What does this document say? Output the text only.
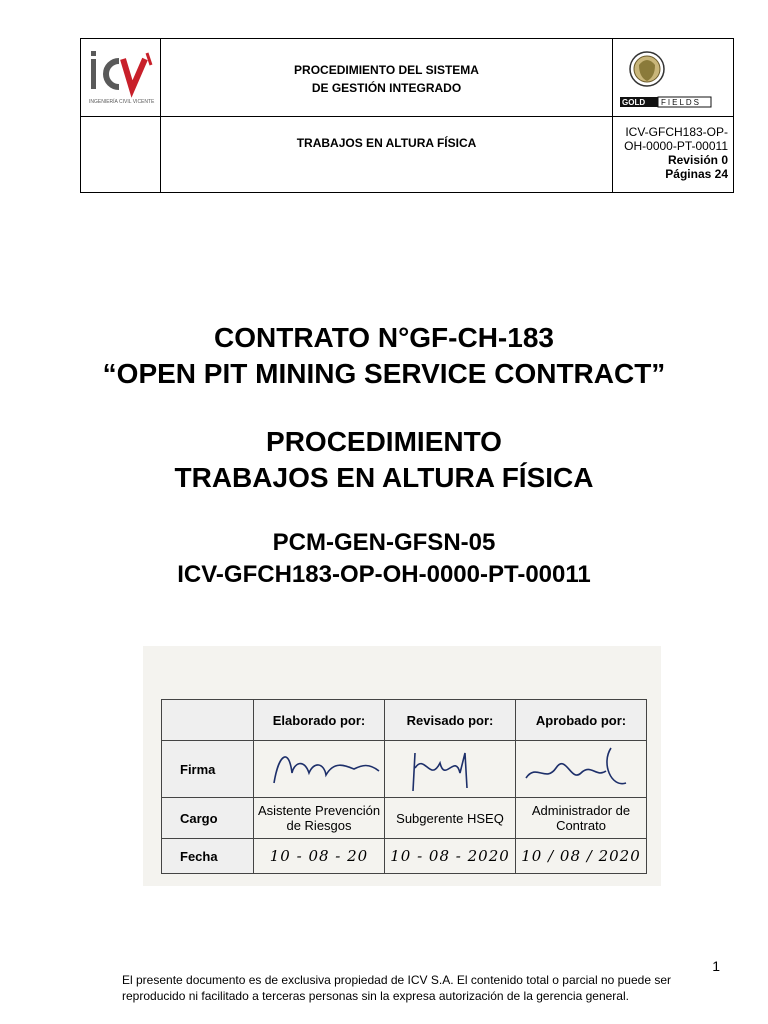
INGENIERÍA CIVIL VICENTE
PROCEDIMIENTO DEL SISTEMA
DE GESTIÓN INTEGRADO
GOLD FIELDS
TRABAJOS EN ALTURA FÍSICA
ICV-GFCH183-OP-OH-0000-PT-00011
Revisión 0
Páginas 24
CONTRATO N°GF-CH-183
“OPEN PIT MINING SERVICE CONTRACT”
PROCEDIMIENTO
TRABAJOS EN ALTURA FÍSICA
PCM-GEN-GFSN-05
ICV-GFCH183-OP-OH-0000-PT-00011
	Elaborado por:	Revisado por:	Aprobado por:
Firma			
Cargo	Asistente Prevención de Riesgos	Subgerente HSEQ	Administrador de Contrato
Fecha	10 - 08 - 20	10 - 08 - 2020	10 / 08 / 2020
1
El presente documento es de exclusiva propiedad de ICV S.A. El contenido total o parcial no puede ser reproducido ni facilitado a terceras personas sin la expresa autorización de la gerencia general.
